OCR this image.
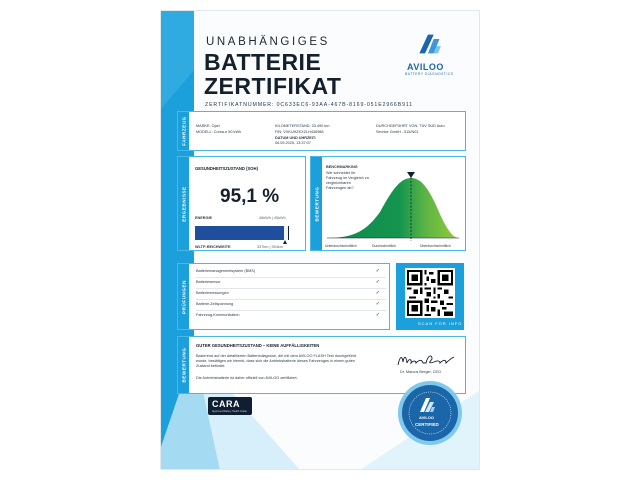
UNABHÄNGIGES
BATTERIE
ZERTIFIKAT
ZERTIFIKATNUMMER: 0C633EC6-93AA-467B-8169-051E2966B911
AVILOO
BATTERY DIAGNOSTICS
FAHRZEUG	MARKE: Opel
MODELL: Corsa-e 50 kWh
KILOMETERSTAND: 33.490 km
FIN: VXKUHZKXZLH436988
DATUM UND UHRZEIT:
06.09.2025, 13:37:07
DURCHGEFÜHRT VON: TÜV SÜD Auto
Service GmbH - 515/N01
ERGEBNISSE
GESUNDHEITSZUSTAND (SOH)
95,1 %
ENERGIE	46kWh | 45kWh
WLTP-REICHWEITE	337km | 354km
BEWERTUNG
BENCHMARKING
Wie schneidet Ihr
Fahrzeug im Vergleich zu
vergleichbaren
Fahrzeugen ab?
Unterdurchschnittlich	Durchschnittlich	Überdurchschnittlich
PRÜFUNGEN
Batteriemanagementsystem (BMS)	✓
Batteriesensor	✓
Batteriemessungen	✓
Batterie-Zellspannung	✓
Fahrzeug-Kommunikation	✓
SCAN FOR INFO
BEWERTUNG
GUTER GESUNDHEITSZUSTAND – KEINE AUFFÄLLIGKEITEN
Basierend auf der detaillierten Batteriediagnose, die mit dem AVILOO FLASH Test durchgeführt
wurde, bestätigen wir hiermit, dass sich die Antriebsbatterie dieses Fahrzeuges in einem guten
Zustand befindet.
Die Antriebsbatterie ist daher offiziell von AVILOO zertifiziert.
Dr. Marcus Berger, CEO
CARA
Approved Battery Health Grade
AVILOO
CERTIFIED
